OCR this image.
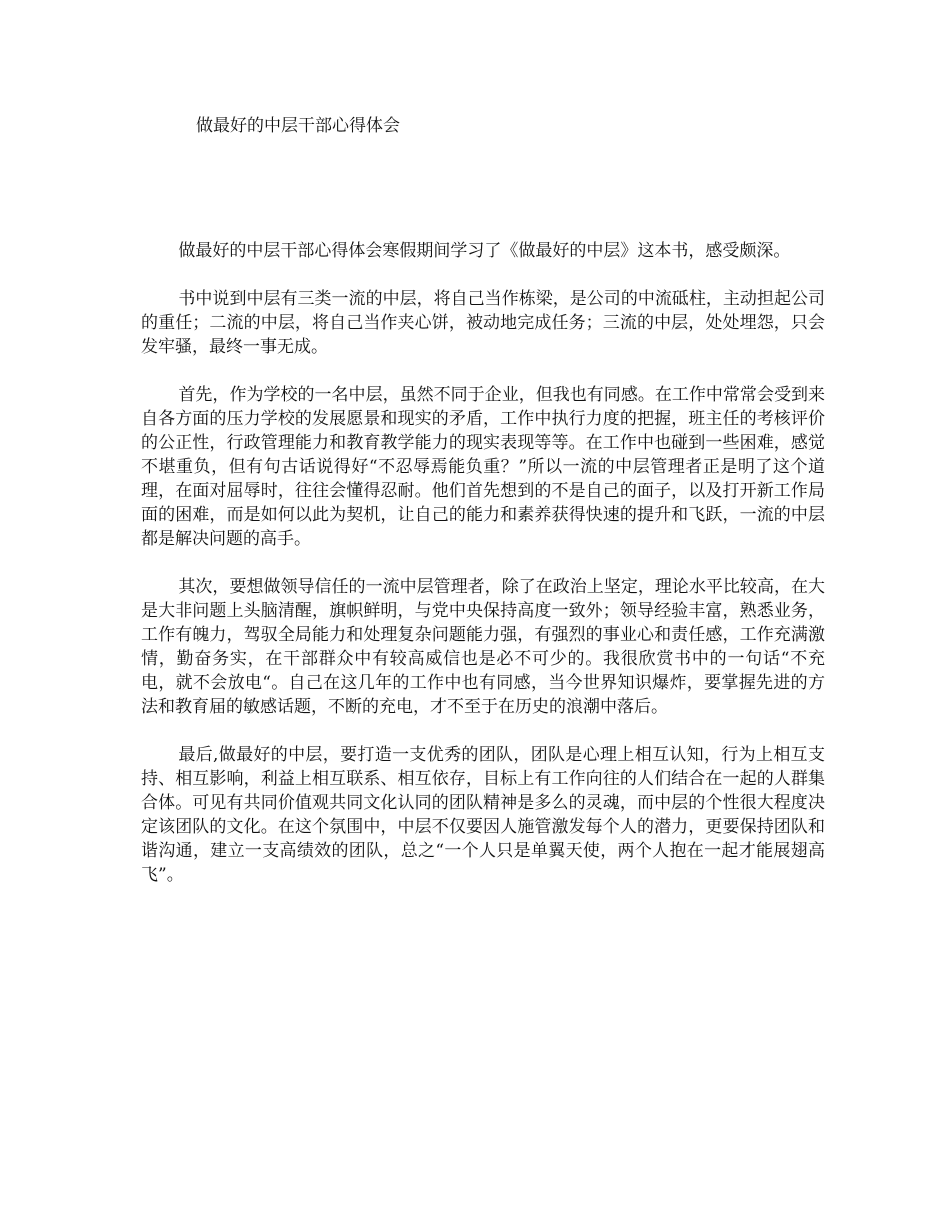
做最好的中层干部心得体会

做最好的中层干部心得体会寒假期间学习了《做最好的中层》这本书，感受颇深。

书中说到中层有三类一流的中层，将自己当作栋梁，是公司的中流砥柱，主动担起公司的重任；二流的中层，将自己当作夹心饼，被动地完成任务；三流的中层，处处埋怨，只会发牢骚，最终一事无成。

首先，作为学校的一名中层，虽然不同于企业，但我也有同感。在工作中常常会受到来自各方面的压力学校的发展愿景和现实的矛盾，工作中执行力度的把握，班主任的考核评价的公正性，行政管理能力和教育教学能力的现实表现等等。在工作中也碰到一些困难，感觉不堪重负，但有句古话说得好“不忍辱焉能负重？”所以一流的中层管理者正是明了这个道理，在面对屈辱时，往往会懂得忍耐。他们首先想到的不是自己的面子，以及打开新工作局面的困难，而是如何以此为契机，让自己的能力和素养获得快速的提升和飞跃，一流的中层都是解决问题的高手。

其次，要想做领导信任的一流中层管理者，除了在政治上坚定，理论水平比较高，在大是大非问题上头脑清醒，旗帜鲜明，与党中央保持高度一致外；领导经验丰富，熟悉业务，工作有魄力，驾驭全局能力和处理复杂问题能力强，有强烈的事业心和责任感，工作充满激情，勤奋务实，在干部群众中有较高威信也是必不可少的。我很欣赏书中的一句话“不充电，就不会放电“。自己在这几年的工作中也有同感，当今世界知识爆炸，要掌握先进的方法和教育届的敏感话题，不断的充电，才不至于在历史的浪潮中落后。

最后,做最好的中层，要打造一支优秀的团队，团队是心理上相互认知，行为上相互支持、相互影响，利益上相互联系、相互依存，目标上有工作向往的人们结合在一起的人群集合体。可见有共同价值观共同文化认同的团队精神是多么的灵魂，而中层的个性很大程度决定该团队的文化。在这个氛围中，中层不仅要因人施管激发每个人的潜力，更要保持团队和谐沟通，建立一支高绩效的团队，总之“一个人只是单翼天使，两个人抱在一起才能展翅高飞”。
